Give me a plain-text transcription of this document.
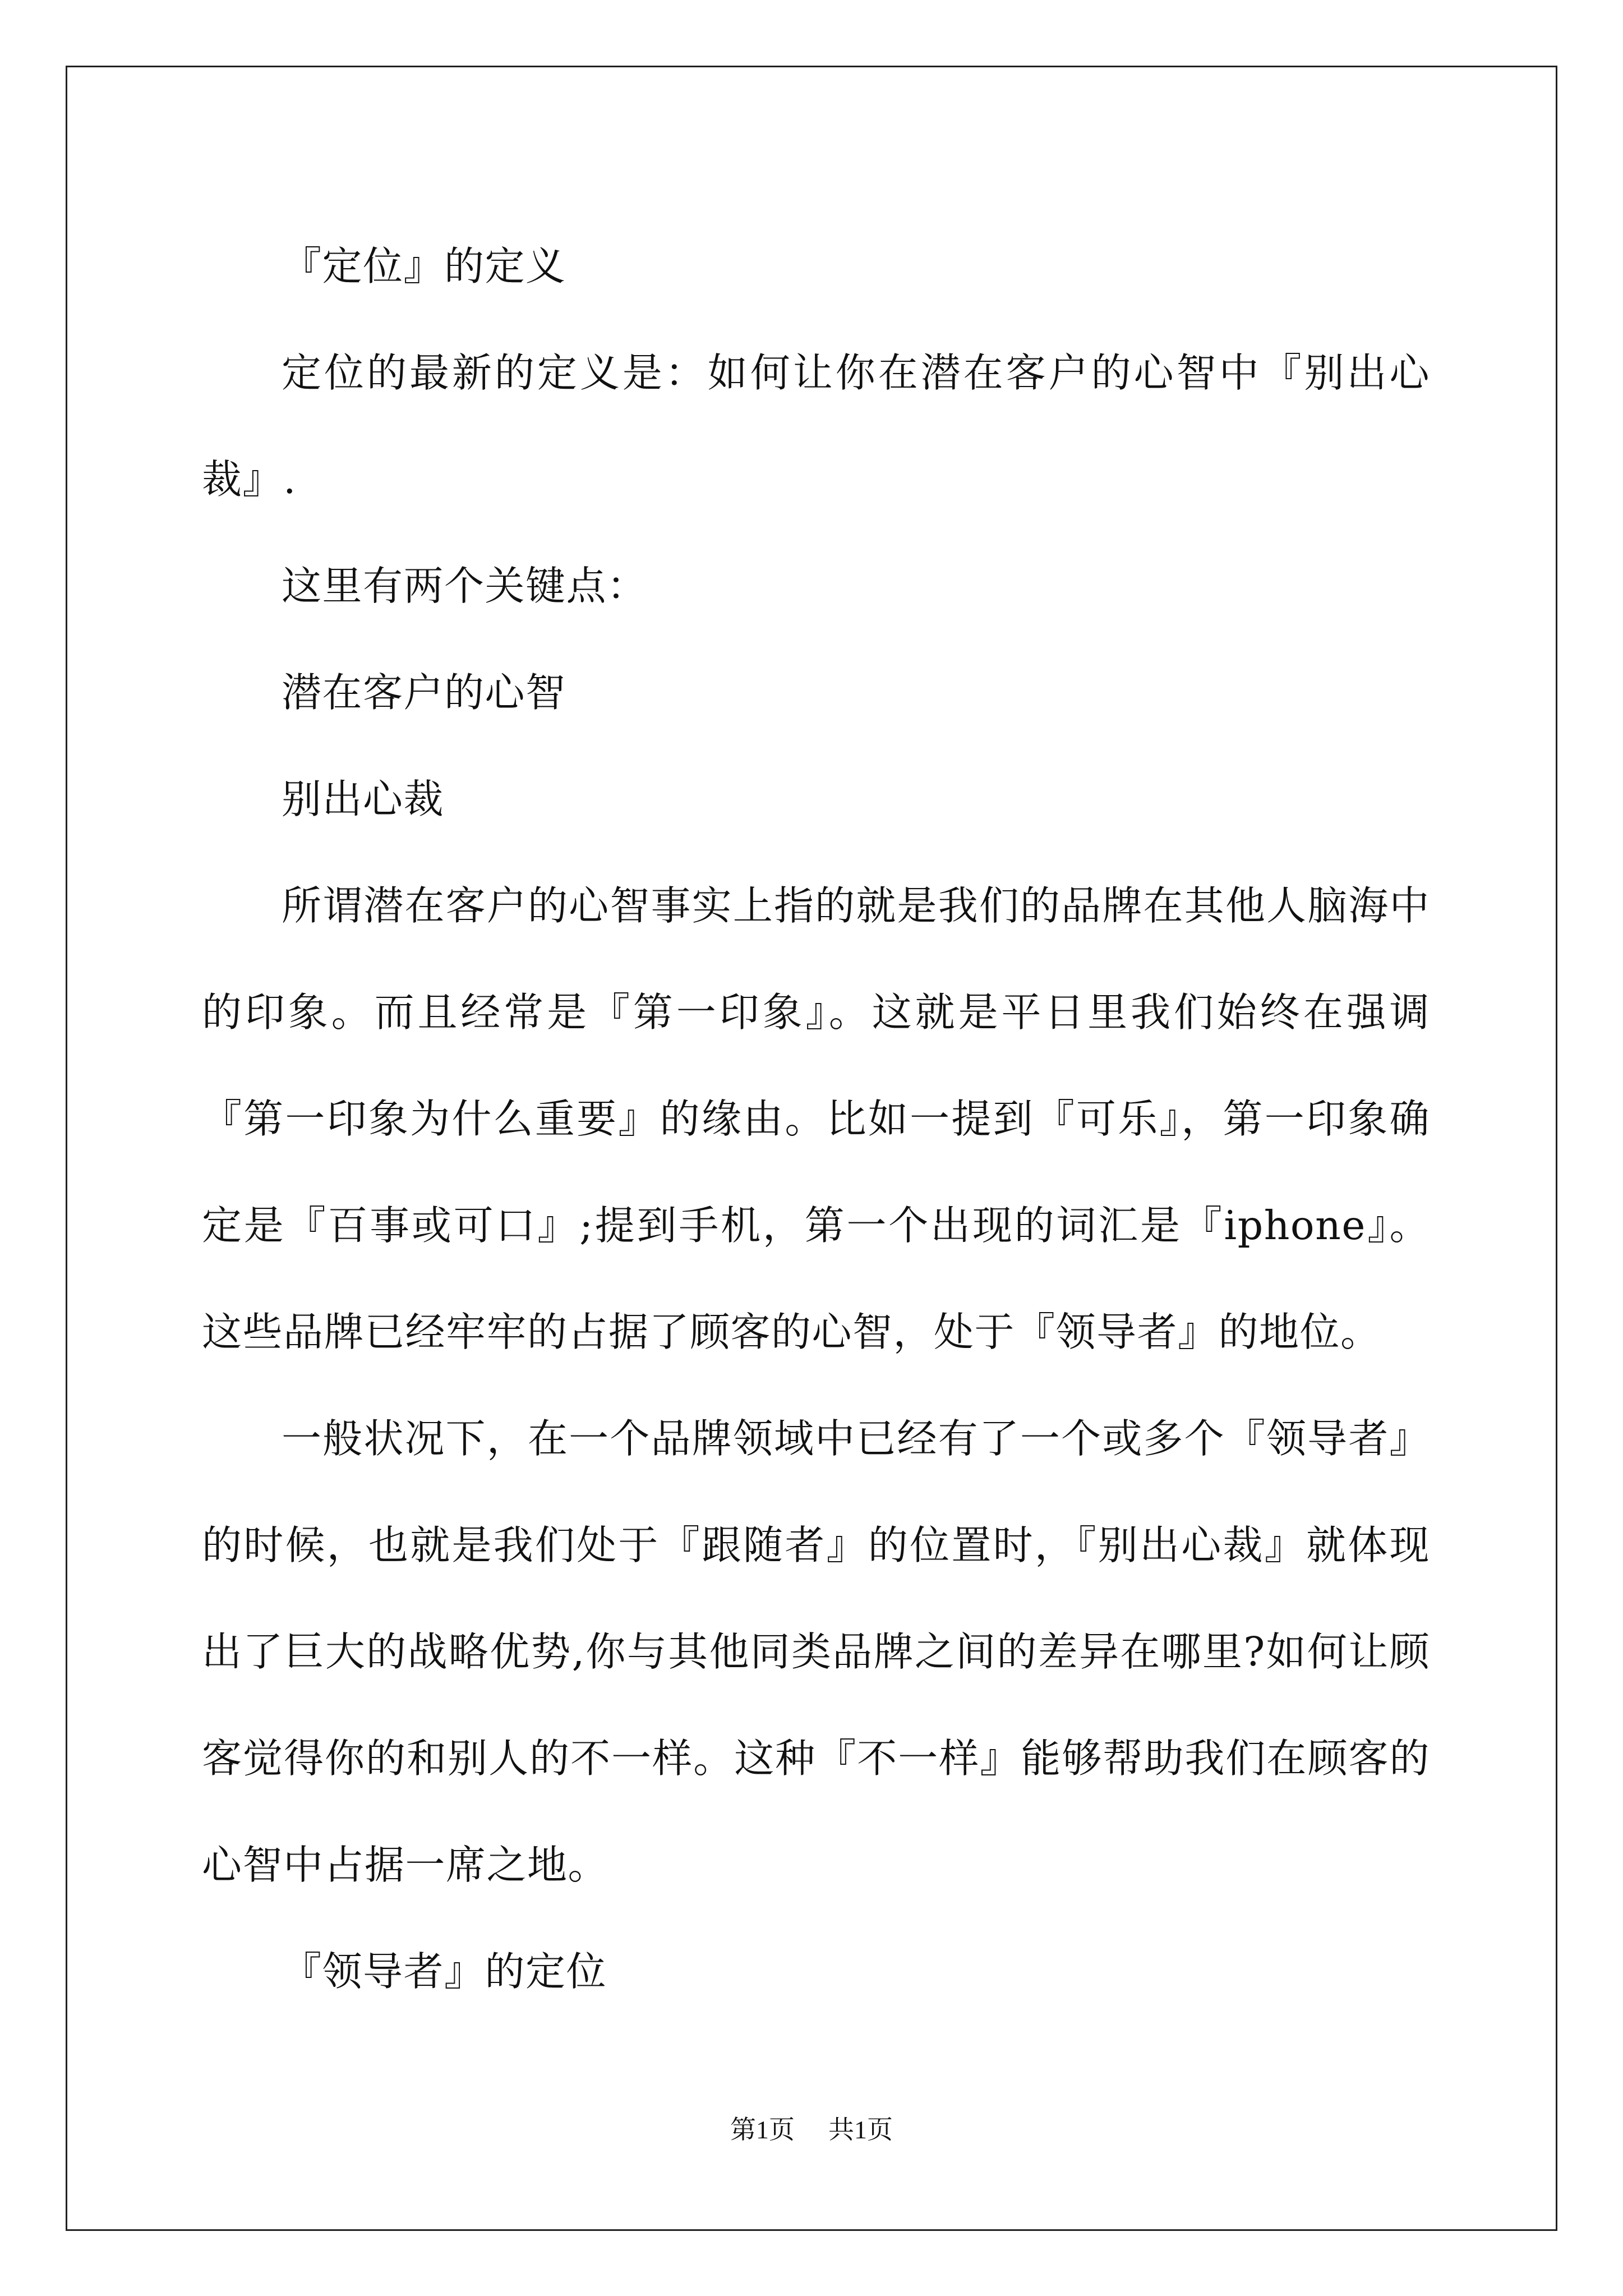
『定位』的定义

定位的最新的定义是：如何让你在潜在客户的心智中『别出心裁』.

这里有两个关键点：

潜在客户的心智

别出心裁

所谓潜在客户的心智事实上指的就是我们的品牌在其他人脑海中的印象。而且经常是『第一印象』。这就是平日里我们始终在强调『第一印象为什么重要』的缘由。比如一提到『可乐』，第一印象确定是『百事或可口』;提到手机，第一个出现的词汇是『iphone』。这些品牌已经牢牢的占据了顾客的心智，处于『领导者』的地位。

一般状况下，在一个品牌领域中已经有了一个或多个『领导者』的时候，也就是我们处于『跟随者』的位置时，『别出心裁』就体现出了巨大的战略优势,你与其他同类品牌之间的差异在哪里?如何让顾客觉得你的和别人的不一样。这种『不一样』能够帮助我们在顾客的心智中占据一席之地。

『领导者』的定位

第1页 共1页
